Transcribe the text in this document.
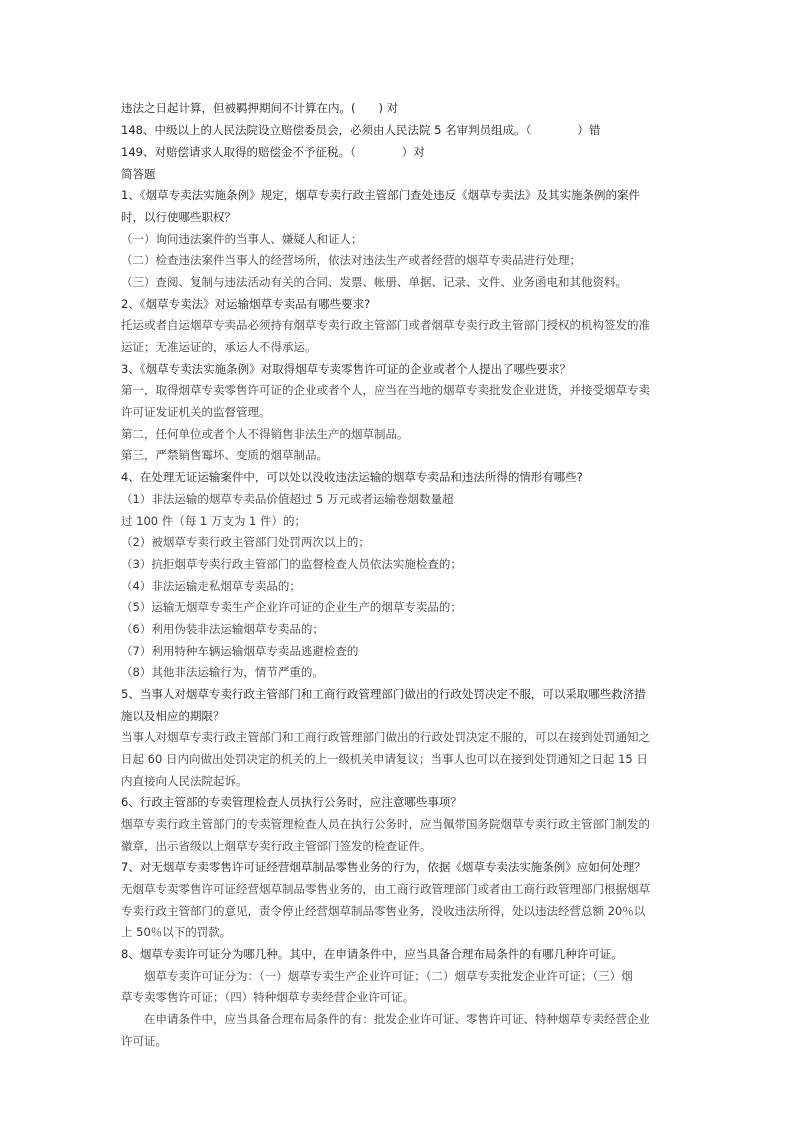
违法之日起计算，但被羁押期间不计算在内。(　　) 对
148、中级以上的人民法院设立赔偿委员会，必须由人民法院 5 名审判员组成。（　　　　）错
149、对赔偿请求人取得的赔偿金不予征税。（　　　　）对
简答题
1、《烟草专卖法实施条例》规定，烟草专卖行政主管部门查处违反《烟草专卖法》及其实施条例的案件
时，以行使哪些职权？
（一）询问违法案件的当事人、嫌疑人和证人；
（二）检查违法案件当事人的经营场所，依法对违法生产或者经营的烟草专卖品进行处理；
（三）查阅、复制与违法活动有关的合同、发票、帐册、单据、记录、文件、业务函电和其他资料。
2、《烟草专卖法》对运输烟草专卖品有哪些要求?
托运或者自运烟草专卖品必须持有烟草专卖行政主管部门或者烟草专卖行政主管部门授权的机构签发的准
运证；无准运证的，承运人不得承运。
3、《烟草专卖法实施条例》对取得烟草专卖零售许可证的企业或者个人提出了哪些要求？
第一，取得烟草专卖零售许可证的企业或者个人，应当在当地的烟草专卖批发企业进货，并接受烟草专卖
许可证发证机关的监督管理。
第二，任何单位或者个人不得销售非法生产的烟草制品。
第三，严禁销售霉坏、变质的烟草制品。
4、在处理无证运输案件中，可以处以没收违法运输的烟草专卖品和违法所得的情形有哪些?
（1）非法运输的烟草专卖品价值超过 5 万元或者运输卷烟数量超
过 100 件（每 1 万支为 1 件）的；
（2）被烟草专卖行政主管部门处罚两次以上的；
（3）抗拒烟草专卖行政主管部门的监督检查人员依法实施检查的；
（4）非法运输走私烟草专卖品的；
（5）运输无烟草专卖生产企业许可证的企业生产的烟草专卖品的；
（6）利用伪装非法运输烟草专卖品的；
（7）利用特种车辆运输烟草专卖品逃避检查的
（8）其他非法运输行为，情节严重的。
5、当事人对烟草专卖行政主管部门和工商行政管理部门做出的行政处罚决定不服，可以采取哪些救济措
施以及相应的期限？
当事人对烟草专卖行政主管部门和工商行政管理部门做出的行政处罚决定不服的，可以在接到处罚通知之
日起 60 日内向做出处罚决定的机关的上一级机关申请复议；当事人也可以在接到处罚通知之日起 15 日
内直接向人民法院起诉。
6、行政主管部的专卖管理检查人员执行公务时，应注意哪些事项？
烟草专卖行政主管部门的专卖管理检查人员在执行公务时，应当佩带国务院烟草专卖行政主管部门制发的
徽章，出示省级以上烟草专卖行政主管部门签发的检查证件。
7、对无烟草专卖零售许可证经营烟草制品零售业务的行为，依据《烟草专卖法实施条例》应如何处理？
无烟草专卖零售许可证经营烟草制品零售业务的，由工商行政管理部门或者由工商行政管理部门根据烟草
专卖行政主管部门的意见，责令停止经营烟草制品零售业务，没收违法所得，处以违法经营总额 20％以
上 50％以下的罚款。
8、烟草专卖许可证分为哪几种。其中，在申请条件中，应当具备合理布局条件的有哪几种许可证。
　　烟草专卖许可证分为：（一）烟草专卖生产企业许可证；（二）烟草专卖批发企业许可证；（三）烟
草专卖零售许可证；（四）特种烟草专卖经营企业许可证。
　　在申请条件中，应当具备合理布局条件的有：批发企业许可证、零售许可证、特种烟草专卖经营企业
许可证。
